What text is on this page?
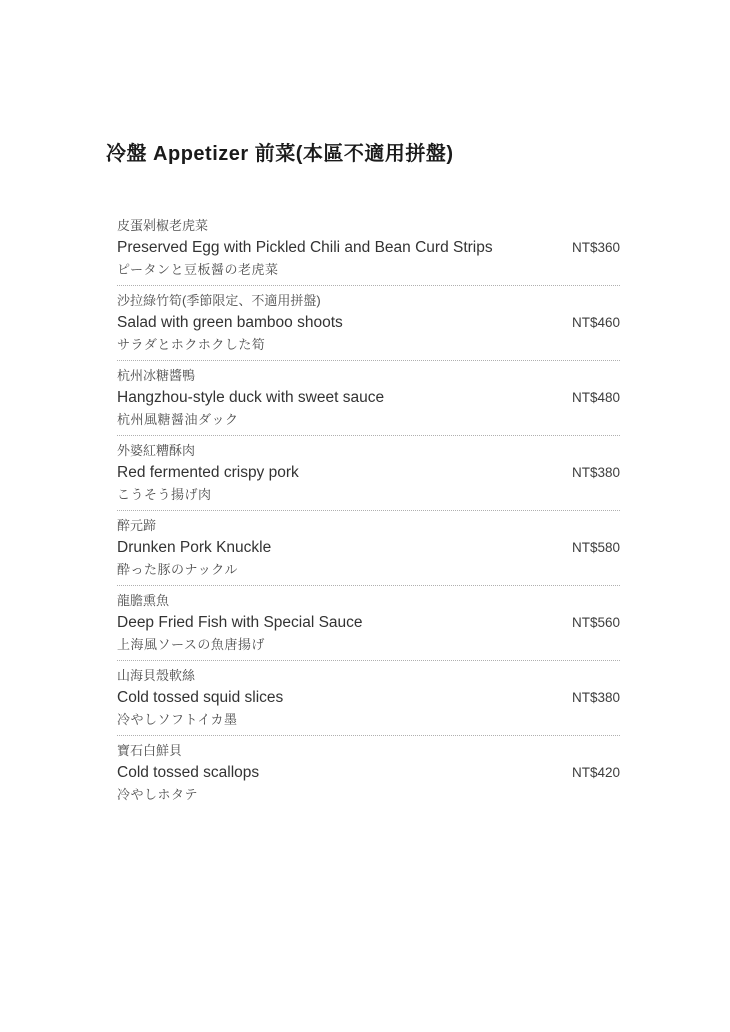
冷盤 Appetizer 前菜(本區不適用拼盤)
皮蛋剁椒老虎菜
Preserved Egg with Pickled Chili and Bean Curd Strips	NT$360
ピータンと豆板醤の老虎菜
沙拉綠竹筍(季節限定、不適用拼盤)
Salad with green bamboo shoots	NT$460
サラダとホクホクした筍
杭州冰糖醬鴨
Hangzhou-style duck with sweet sauce	NT$480
杭州風糖醤油ダック
外婆紅糟酥肉
Red fermented crispy pork	NT$380
こうそう揚げ肉
醉元蹄
Drunken Pork Knuckle	NT$580
酔った豚のナックル
龍膽熏魚
Deep Fried Fish with Special Sauce	NT$560
上海風ソースの魚唐揚げ
山海貝殼軟絲
Cold tossed squid slices	NT$380
冷やしソフトイカ墨
寶石白鮮貝
Cold tossed scallops	NT$420
冷やしホタテ
